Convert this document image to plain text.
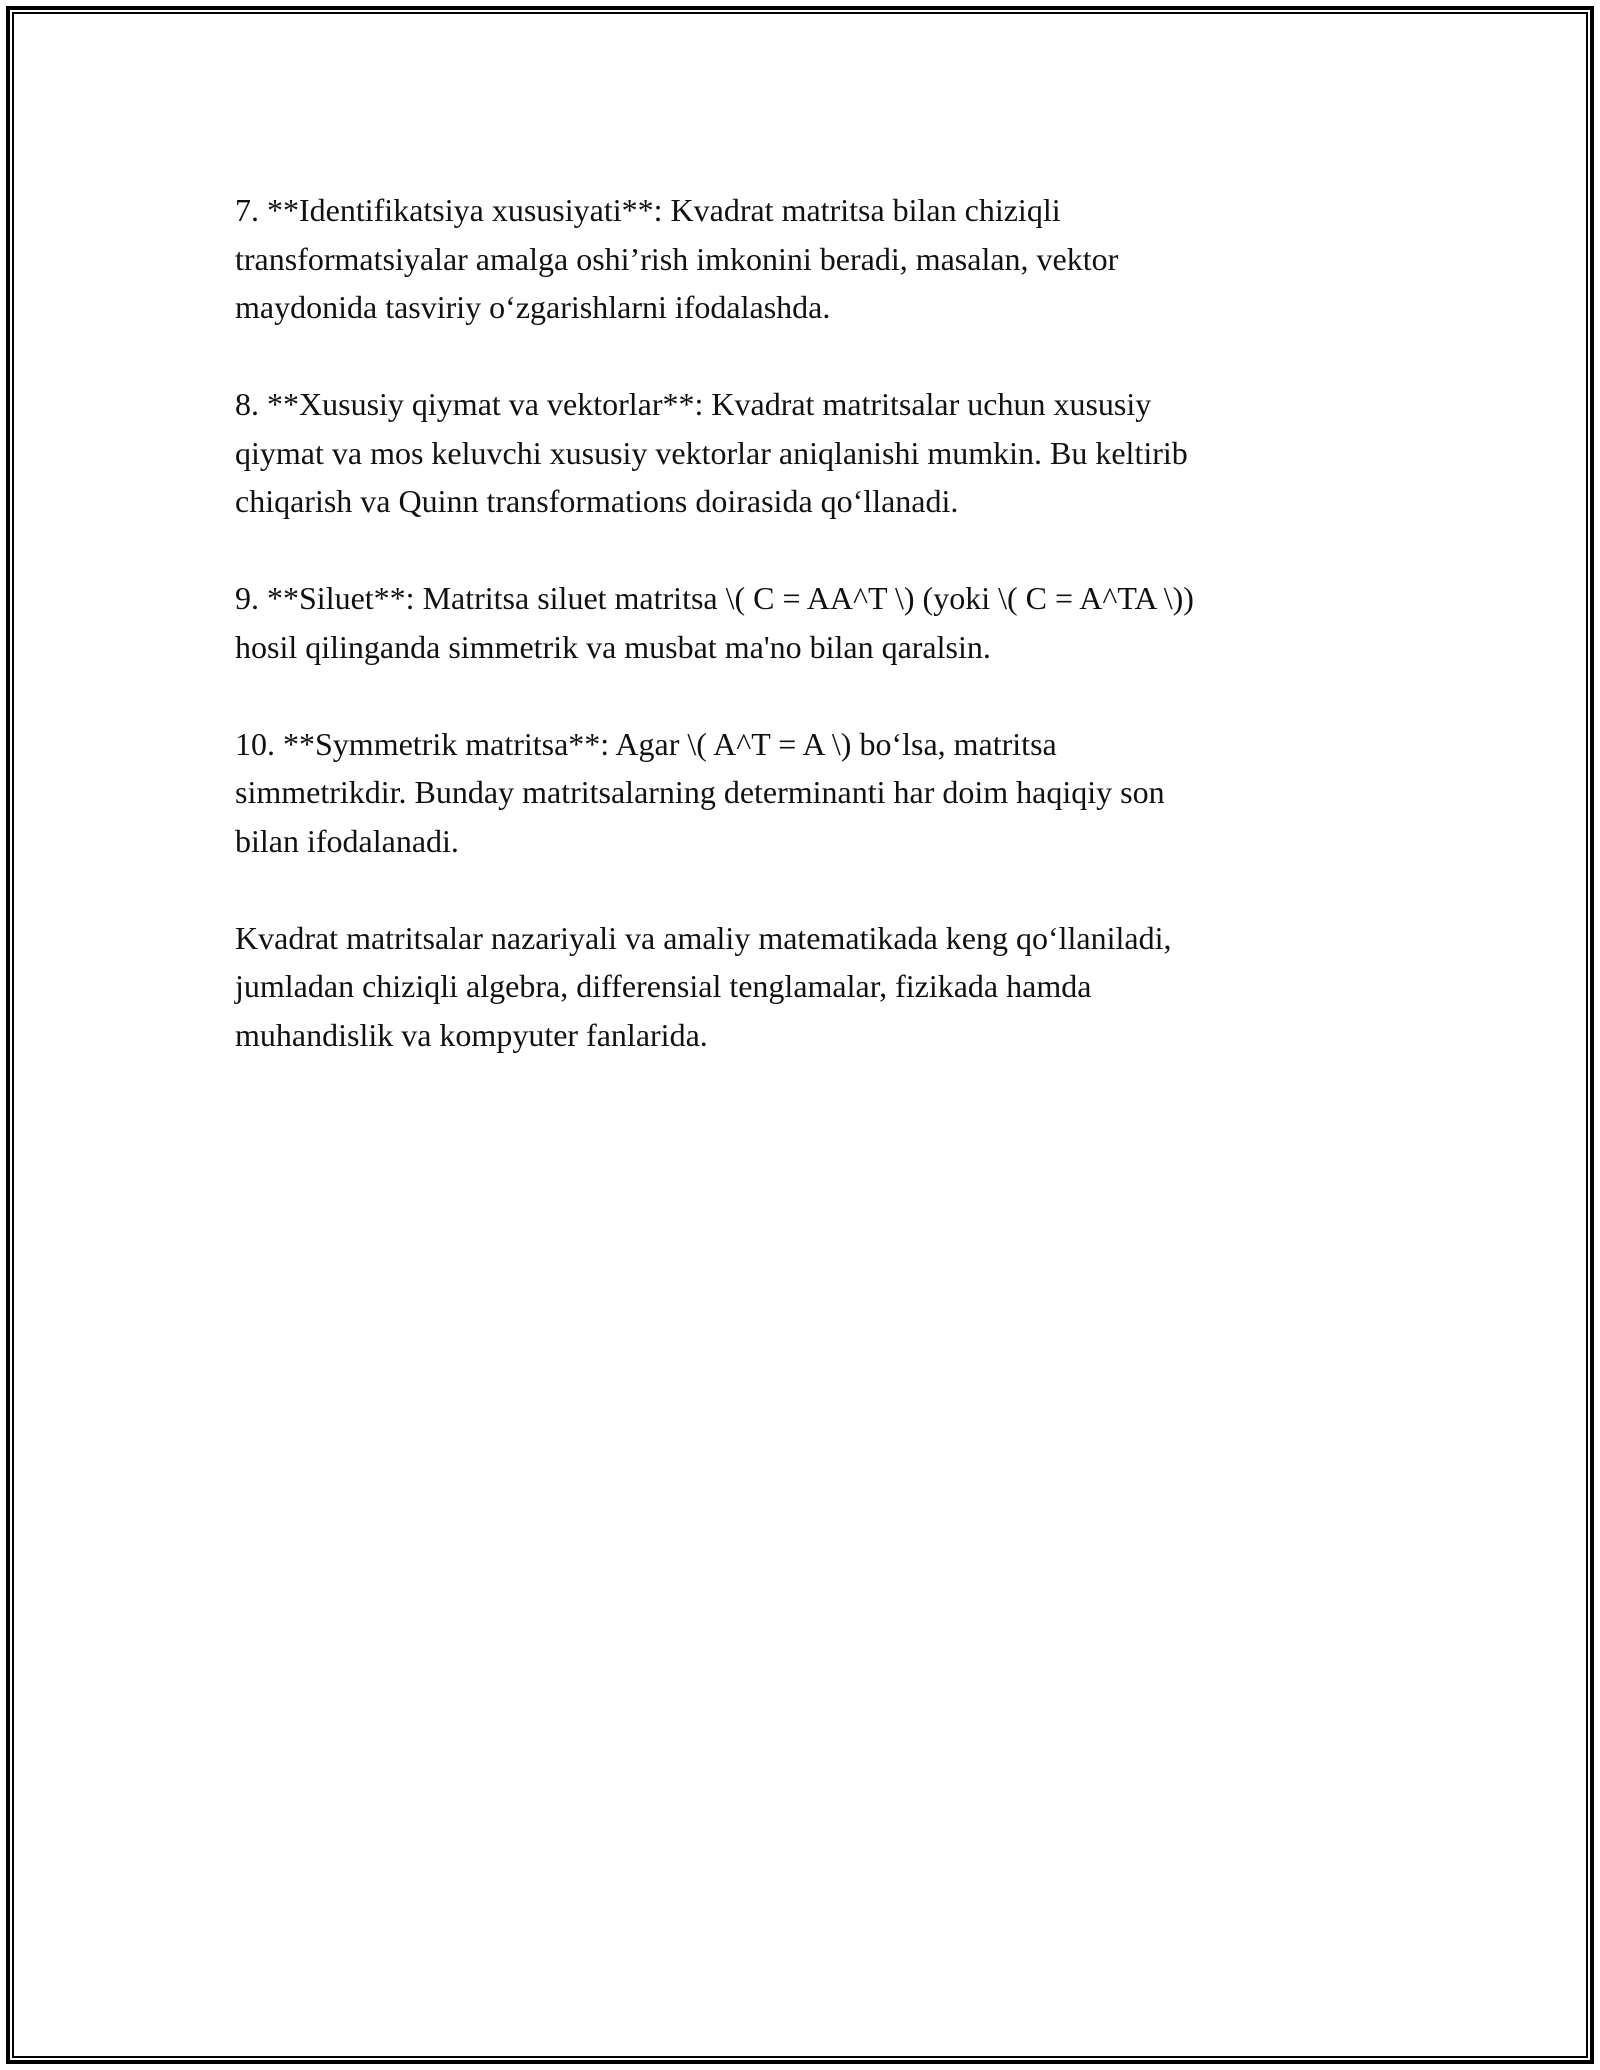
7. **Identifikatsiya xususiyati**: Kvadrat matritsa bilan chiziqli
transformatsiyalar amalga oshi’rish imkonini beradi, masalan, vektor
maydonida tasviriy o‘zgarishlarni ifodalashda.

8. **Xususiy qiymat va vektorlar**: Kvadrat matritsalar uchun xususiy
qiymat va mos keluvchi xususiy vektorlar aniqlanishi mumkin. Bu keltirib
chiqarish va Quinn transformations doirasida qo‘llanadi.

9. **Siluet**: Matritsa siluet matritsa \( C = AA^T \) (yoki \( C = A^TA \))
hosil qilinganda simmetrik va musbat ma'no bilan qaralsin.

10. **Symmetrik matritsa**: Agar \( A^T = A \) bo‘lsa, matritsa
simmetrikdir. Bunday matritsalarning determinanti har doim haqiqiy son
bilan ifodalanadi.

Kvadrat matritsalar nazariyali va amaliy matematikada keng qo‘llaniladi,
jumladan chiziqli algebra, differensial tenglamalar, fizikada hamda
muhandislik va kompyuter fanlarida.
